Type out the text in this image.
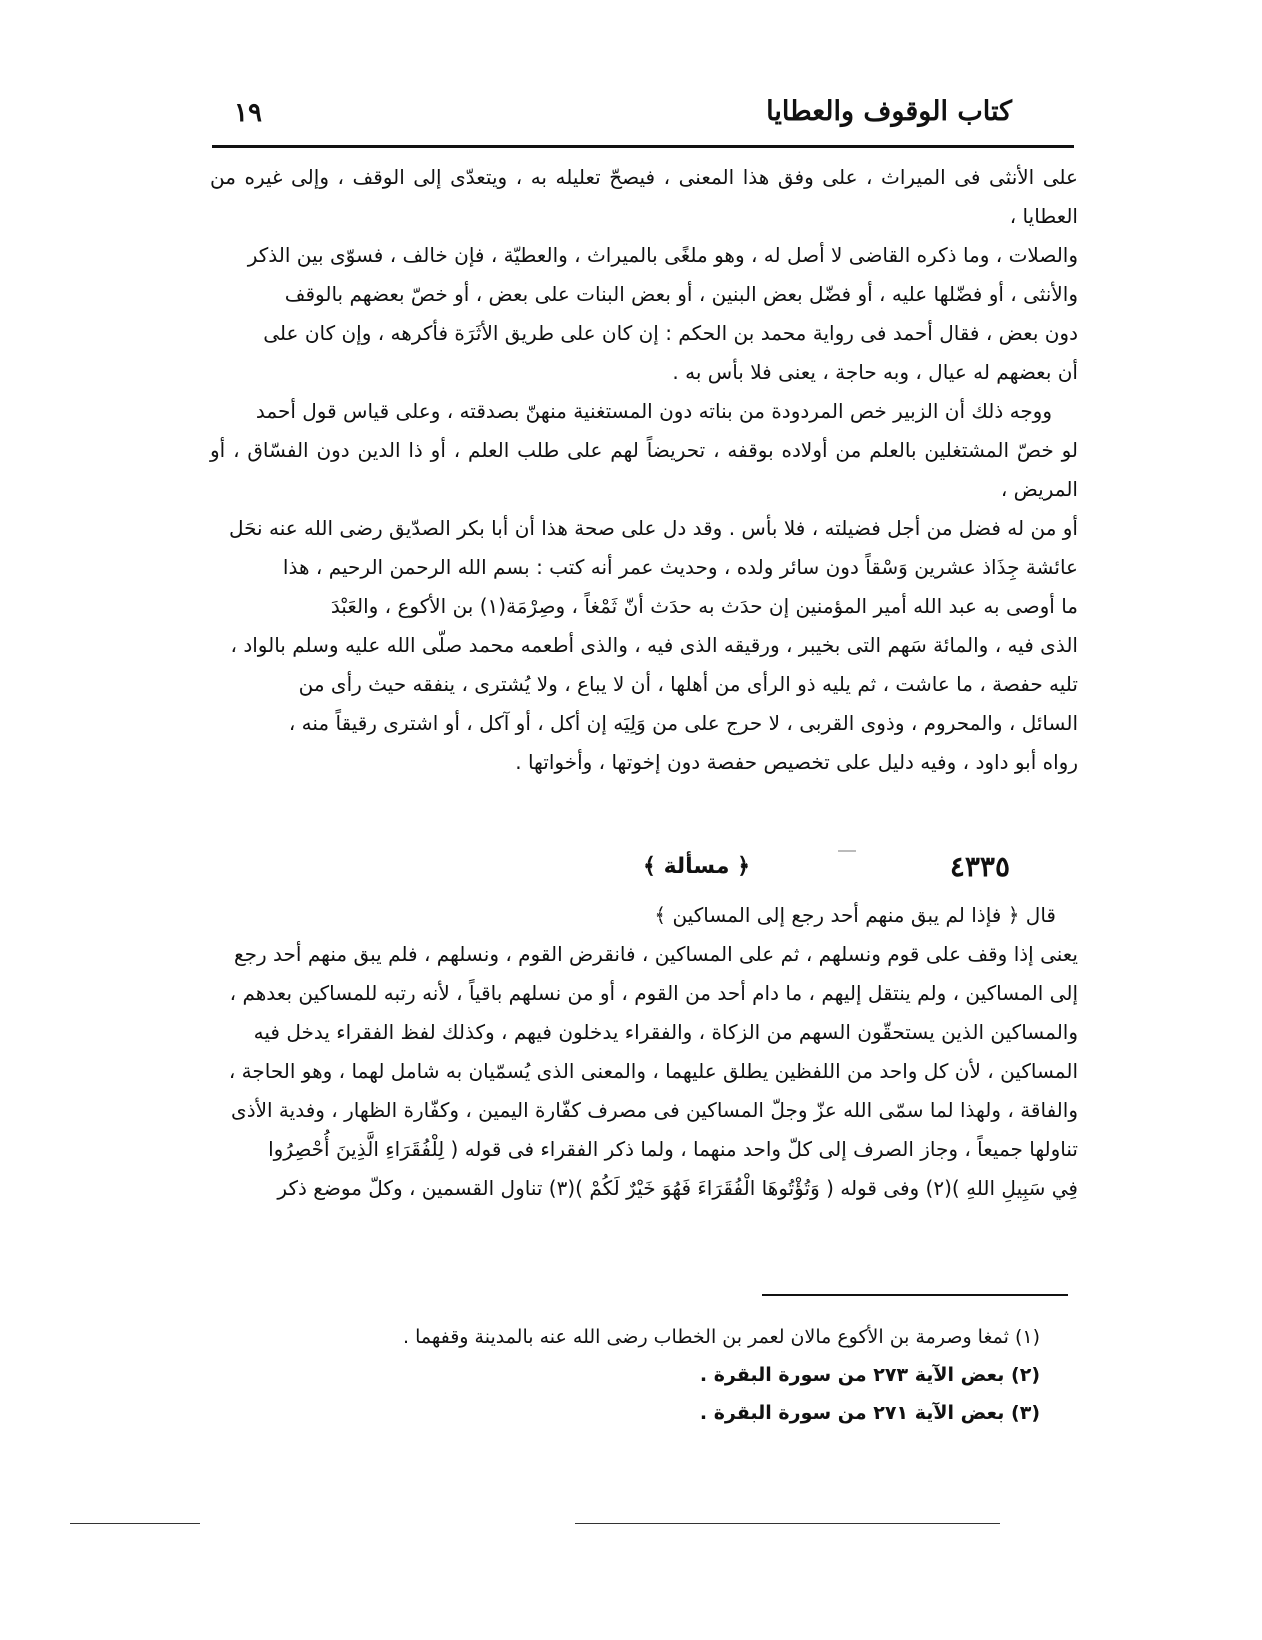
كتاب الوقوف والعطايا
١٩

على الأنثى فى الميراث ، على وفق هذا المعنى ، فيصحّ تعليله به ، ويتعدّى إلى الوقف ، وإلى غيره من العطايا ،

والصلات ، وما ذكره القاضى لا أصل له ، وهو ملغًى بالميراث ، والعطيّة ، فإن خالف ، فسوّى بين الذكر

والأنثى ، أو فضّلها عليه ، أو فضّل بعض البنين ، أو بعض البنات على بعض ، أو خصّ بعضهم بالوقف

دون بعض ، فقال أحمد فى رواية محمد بن الحكم : إن كان على طريق الأثَرَة فأكرهه ، وإن كان على

أن بعضهم له عيال ، وبه حاجة ، يعنى فلا بأس به .

ووجه ذلك أن الزبير خص المردودة من بناته دون المستغنية منهنّ بصدقته ، وعلى قياس قول أحمد

لو خصّ المشتغلين بالعلم من أولاده بوقفه ، تحريضاً لهم على طلب العلم ، أو ذا الدين دون الفسّاق ، أو المريض ،

أو من له فضل من أجل فضيلته ، فلا بأس . وقد دل على صحة هذا أن أبا بكر الصدّيق رضى الله عنه نحَل

عائشة جِذَاذ عشرين وَسْقاً دون سائر ولده ، وحديث عمر أنه كتب : بسم الله الرحمن الرحيم ، هذا

ما أوصى به عبد الله أمير المؤمنين إن حدَث به حدَث أنّ ثَمْغاً ، وصِرْمَة(١) بن الأكوع ، والعَبْدَ

الذى فيه ، والمائة سَهم التى بخيبر ، ورقيقه الذى فيه ، والذى أطعمه محمد صلّى الله عليه وسلم بالواد ،

تليه حفصة ، ما عاشت ، ثم يليه ذو الرأى من أهلها ، أن لا يباع ، ولا يُشترى ، ينفقه حيث رأى من

السائل ، والمحروم ، وذوى القربى ، لا حرج على من وَلِيَه إن أكل ، أو آكل ، أو اشترى رقيقاً منه ،

رواه أبو داود ، وفيه دليل على تخصيص حفصة دون إخوتها ، وأخواتها .

٤٣٣٥
﴿ مسألة ﴾

قال ﴿ فإذا لم يبق منهم أحد رجع إلى المساكين ﴾

يعنى إذا وقف على قوم ونسلهم ، ثم على المساكين ، فانقرض القوم ، ونسلهم ، فلم يبق منهم أحد رجع

إلى المساكين ، ولم ينتقل إليهم ، ما دام أحد من القوم ، أو من نسلهم باقياً ، لأنه رتبه للمساكين بعدهم ،

والمساكين الذين يستحقّون السهم من الزكاة ، والفقراء يدخلون فيهم ، وكذلك لفظ الفقراء يدخل فيه

المساكين ، لأن كل واحد من اللفظين يطلق عليهما ، والمعنى الذى يُسمّيان به شامل لهما ، وهو الحاجة ،

والفاقة ، ولهذا لما سمّى الله عزّ وجلّ المساكين فى مصرف كفّارة اليمين ، وكفّارة الظهار ، وفدية الأذى

تناولها جميعاً ، وجاز الصرف إلى كلّ واحد منهما ، ولما ذكر الفقراء فى قوله ( لِلْفُقَرَاءِ الَّذِينَ أُحْصِرُوا

فِي سَبِيلِ اللهِ )(٢) وفى قوله ( وَتُؤْتُوهَا الْفُقَرَاءَ فَهُوَ خَيْرٌ لَكُمْ )(٣) تناول القسمين ، وكلّ موضع ذكر

(١) ثمغا وصرمة بن الأكوع مالان لعمر بن الخطاب رضى الله عنه بالمدينة وقفهما .
(٢) بعض الآية ٢٧٣ من سورة البقرة .
(٣) بعض الآية ٢٧١ من سورة البقرة .
